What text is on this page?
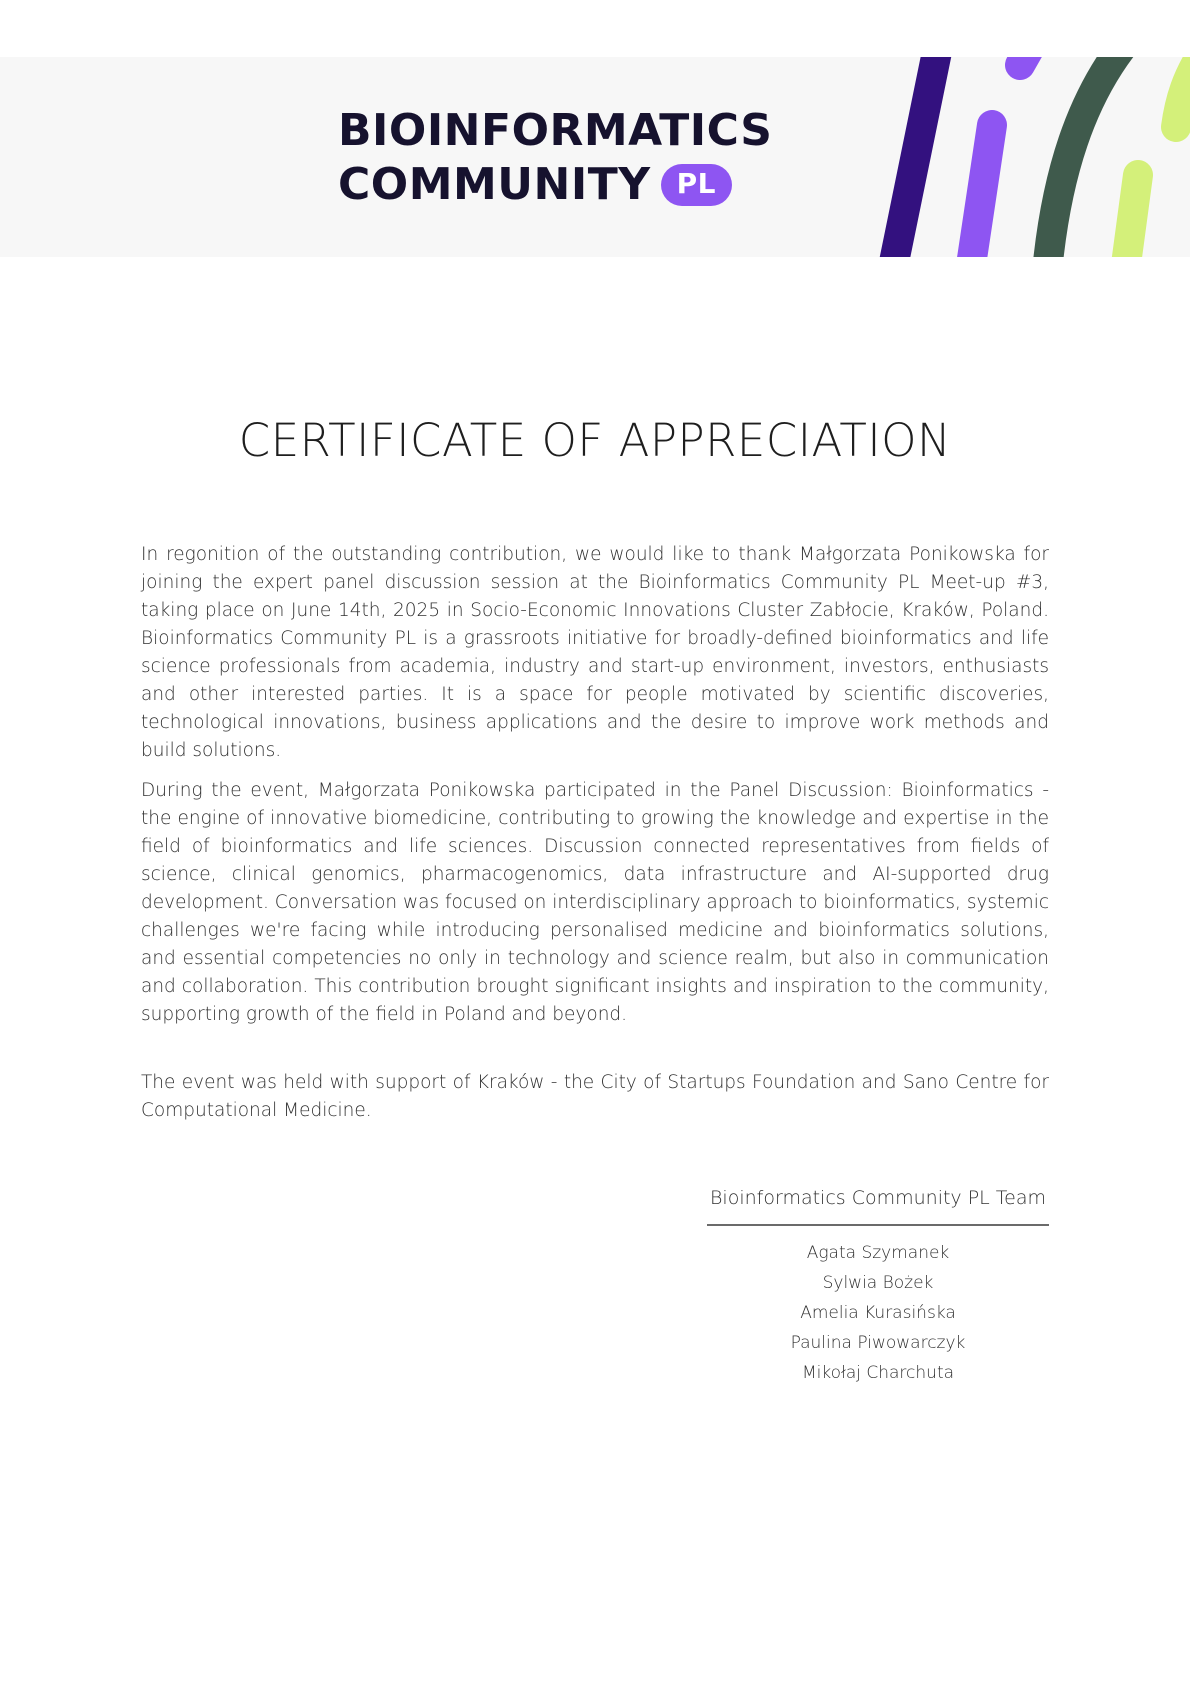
BIOINFORMATICS
COMMUNITY PL
CERTIFICATE OF APPRECIATION

In regonition of the outstanding contribution, we would like to thank Małgorzata Ponikowska for joining the expert panel discussion session at the Bioinformatics Community PL Meet-up #3, taking place on June 14th, 2025 in Socio-Economic Innovations Cluster Zabłocie, Kraków, Poland. Bioinformatics Community PL is a grassroots initiative for broadly-defined bioinformatics and life science professionals from academia, industry and start-up environment, investors, enthusiasts and other interested parties. It is a space for people motivated by scientific discoveries, technological innovations, business applications and the desire to improve work methods and build solutions.

During the event, Małgorzata Ponikowska participated in the Panel Discussion: Bioinformatics - the engine of innovative biomedicine, contributing to growing the knowledge and expertise in the field of bioinformatics and life sciences. Discussion connected representatives from fields of science, clinical genomics, pharmacogenomics, data infrastructure and AI-supported drug development. Conversation was focused on interdisciplinary approach to bioinformatics, systemic challenges we're facing while introducing personalised medicine and bioinformatics solutions, and essential competencies no only in technology and science realm, but also in communication and collaboration. This contribution brought significant insights and inspiration to the community, supporting growth of the field in Poland and beyond.

The event was held with support of Kraków - the City of Startups Foundation and Sano Centre for Computational Medicine.

Bioinformatics Community PL Team
Agata Szymanek
Sylwia Bożek
Amelia Kurasińska
Paulina Piwowarczyk
Mikołaj Charchuta
